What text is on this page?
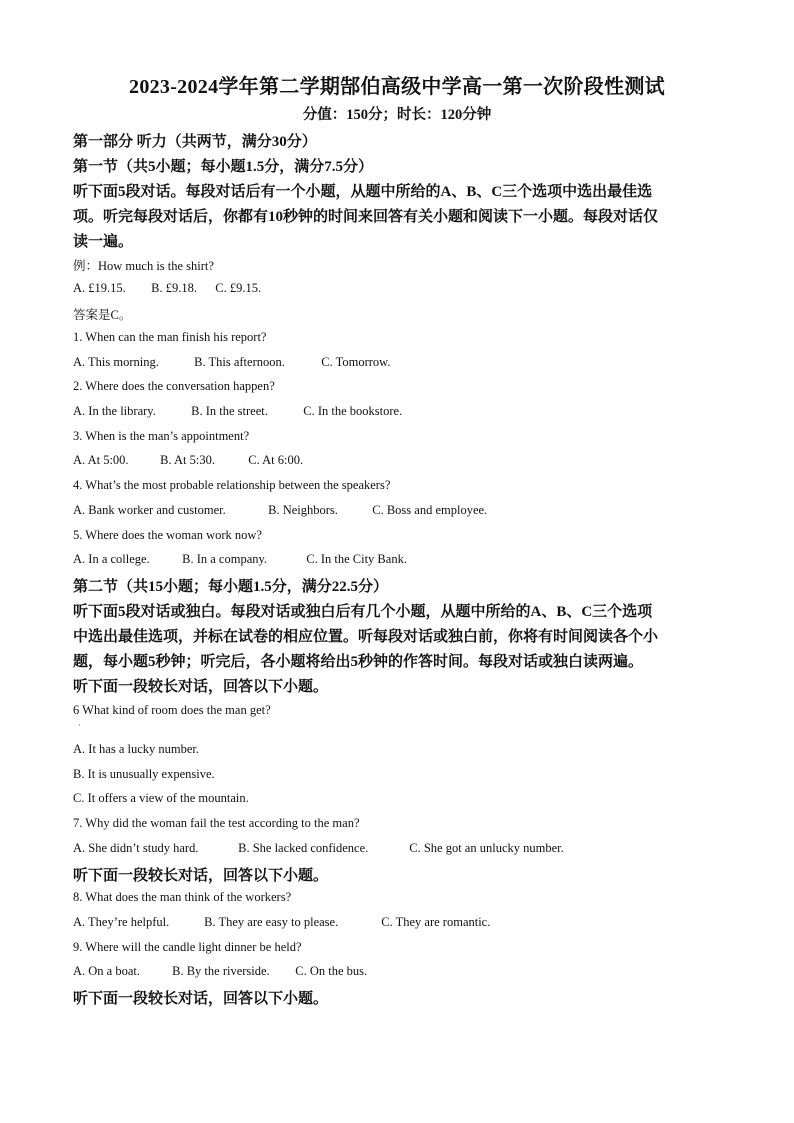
2023-2024学年第二学期郜伯高级中学高一第一次阶段性测试
分值：150分；时长：120分钟
第一部分 听力（共两节，满分30分）
第一节（共5小题；每小题1.5分，满分7.5分）
听下面5段对话。每段对话后有一个小题，从题中所给的A、B、C三个选项中选出最佳选
项。听完每段对话后，你都有10秒钟的时间来回答有关小题和阅读下一小题。每段对话仅
读一遍。
例：How much is the shirt?
A. £19.15. B. £9.18. C. £9.15.
答案是C。
1. When can the man finish his report?
A. This morning.	B. This afternoon.	C. Tomorrow.
2. Where does the conversation happen?
A. In the library.	B. In the street.	C. In the bookstore.
3. When is the man’s appointment?
A. At 5:00.	B. At 5:30.	C. At 6:00.
4. What’s the most probable relationship between the speakers?
A. Bank worker and customer.	B. Neighbors.	C. Boss and employee.
5. Where does the woman work now?
A. In a college.	B. In a company.	C. In the City Bank.
第二节（共15小题；每小题1.5分，满分22.5分）
听下面5段对话或独白。每段对话或独白后有几个小题，从题中所给的A、B、C三个选项
中选出最佳选项，并标在试卷的相应位置。听每段对话或独白前，你将有时间阅读各个小
题，每小题5秒钟；听完后，各小题将给出5秒钟的作答时间。每段对话或独白读两遍。
听下面一段较长对话，回答以下小题。
6 What kind of room does the man get?
·
A. It has a lucky number.
B. It is unusually expensive.
C. It offers a view of the mountain.
7. Why did the woman fail the test according to the man?
A. She didn’t study hard.	B. She lacked confidence.	C. She got an unlucky number.
听下面一段较长对话，回答以下小题。
8. What does the man think of the workers?
A. They’re helpful.	B. They are easy to please.	C. They are romantic.
9. Where will the candle light dinner be held?
A. On a boat.	B. By the riverside. C. On the bus.
听下面一段较长对话，回答以下小题。
